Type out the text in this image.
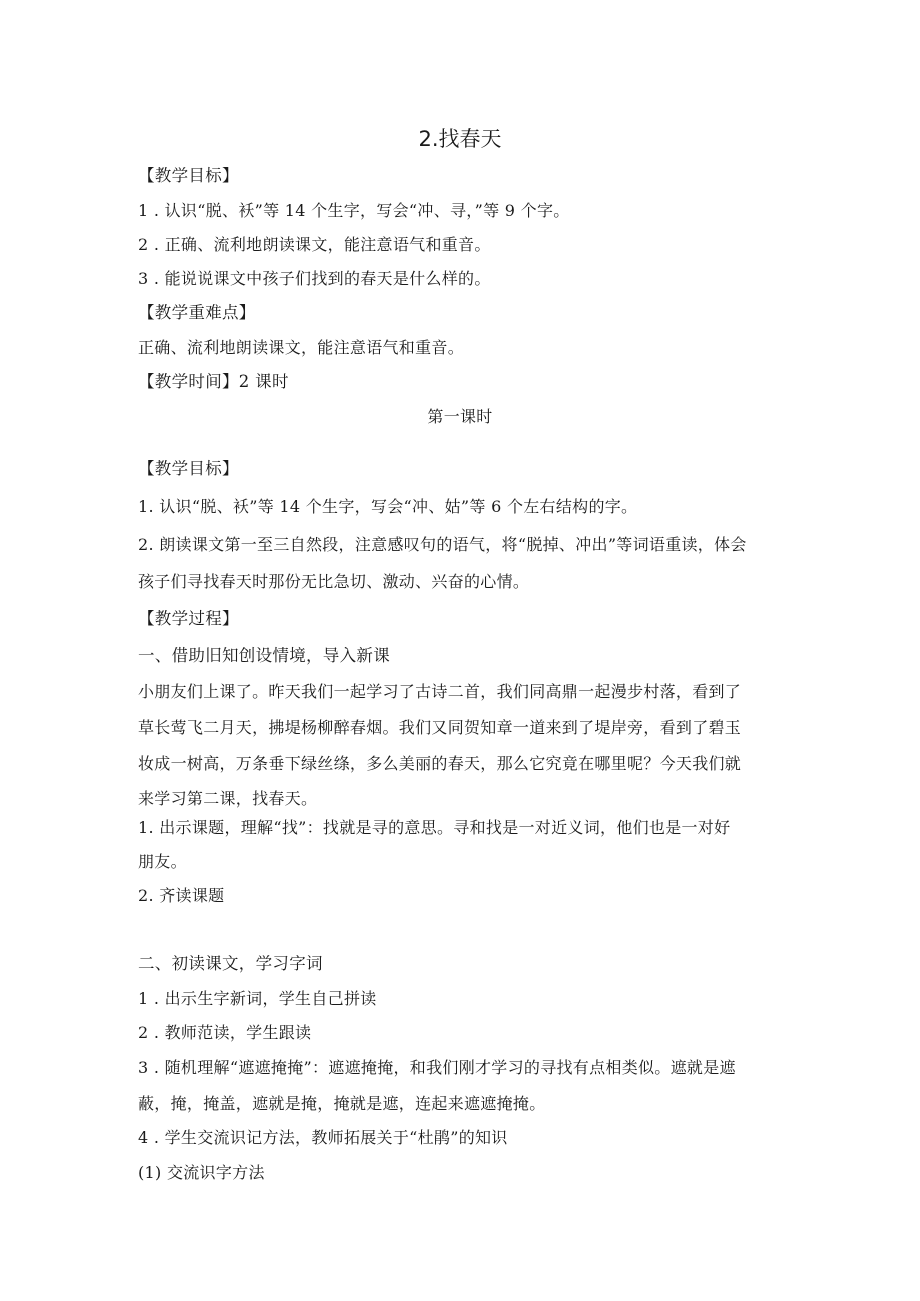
2.找春天
【教学目标】
1 . 认识“脱、袄”等 14 个生字，写会“冲、寻，”等 9 个字。
2 . 正确、流利地朗读课文，能注意语气和重音。
3 . 能说说课文中孩子们找到的春天是什么样的。
【教学重难点】
正确、流利地朗读课文，能注意语气和重音。
【教学时间】2 课时
第一课时
【教学目标】
1. 认识“脱、袄”等 14 个生字，写会“冲、姑”等 6 个左右结构的字。
2. 朗读课文第一至三自然段，注意感叹句的语气，将“脱掉、冲出”等词语重读，体会
孩子们寻找春天时那份无比急切、激动、兴奋的心情。
【教学过程】
一、借助旧知创设情境，导入新课
小朋友们上课了。昨天我们一起学习了古诗二首，我们同高鼎一起漫步村落，看到了
草长莺飞二月天，拂堤杨柳醉春烟。我们又同贺知章一道来到了堤岸旁，看到了碧玉
妆成一树高，万条垂下绿丝绦，多么美丽的春天，那么它究竟在哪里呢？今天我们就
来学习第二课，找春天。
1. 出示课题，理解“找”：找就是寻的意思。寻和找是一对近义词，他们也是一对好
朋友。
2. 齐读课题
二、初读课文，学习字词
1 . 出示生字新词，学生自己拼读
2 . 教师范读，学生跟读
3 . 随机理解“遮遮掩掩”：遮遮掩掩，和我们刚才学习的寻找有点相类似。遮就是遮
蔽，掩，掩盖，遮就是掩，掩就是遮，连起来遮遮掩掩。
4 . 学生交流识记方法，教师拓展关于“杜鹃”的知识
(1) 交流识字方法
